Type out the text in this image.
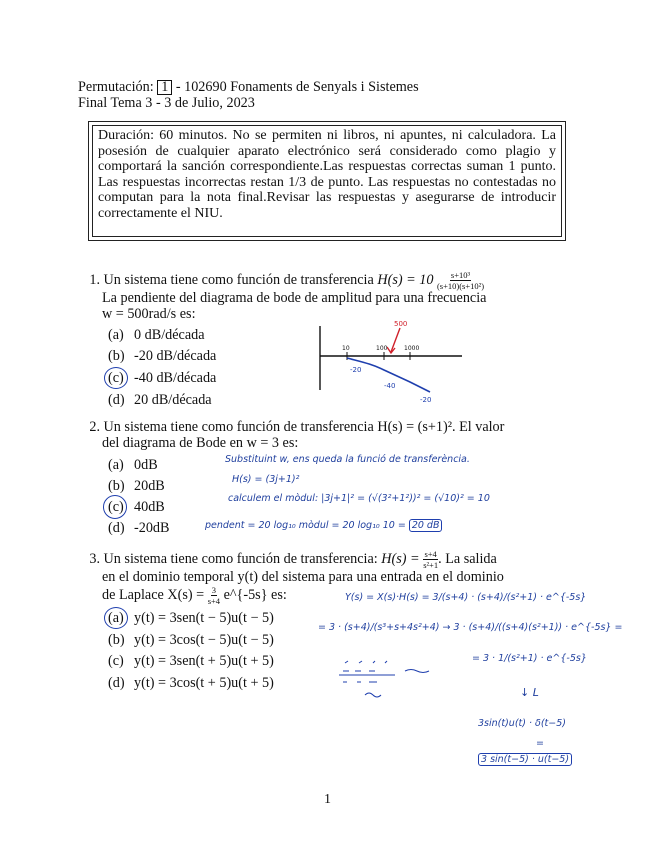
Permutación: 1 - 102690 Fonaments de Senyals i Sistemes
Final Tema 3 - 3 de Julio, 2023
Duración: 60 minutos. No se permiten ni libros, ni apuntes, ni calculadora. La posesión de cualquier aparato electrónico será considerado como plagio y comportará la sanción correspondiente.Las respuestas correctas suman 1 punto. Las respuestas incorrectas restan 1/3 de punto. Las respuestas no contestadas no computan para la nota final.Revisar las respuestas y asegurarse de introducir correctamente el NIU.
1. Un sistema tiene como función de transferencia $H(s) = 10 \frac{\text{s+10³}}{\text{(s+10)(s+10²)}}$
La pendiente del diagrama de bode de amplitud para una frecuencia
w = 500rad/s es:
(a) 0 dB/década
(b) -20 dB/década
(c) -40 dB/década
(d) 20 dB/década
500
10	100	1000
-20
-40
-20
2. Un sistema tiene como función de transferencia H(s) = (s+1)². El valor
del diagrama de Bode en w = 3 es:
(a) 0dB
(b) 20dB
(c) 40dB
(d) -20dB
Substituint w, ens queda la funció de transferència.
H(s) = (3j+1)²
calculem el mòdul: |3j+1|² = (√(3²+1²))² = (√10)² = 10
pendent = 20 log₁₀ mòdul = 20 log₁₀ 10 = 20 dB
3. Un sistema tiene como función de transferencia: $H(s) = \frac{s+4}{\text{s²+1}}$ . La salida
en el dominio temporal y(t) del sistema para una entrada en el dominio
de Laplace $X(s) = \frac{3}{s+4}$ e^{-5s} es:
(a) y(t) = 3sen(t − 5)u(t − 5)
(b) y(t) = 3cos(t − 5)u(t − 5)
(c) y(t) = 3sen(t + 5)u(t + 5)
(d) y(t) = 3cos(t + 5)u(t + 5)
Y(s) = X(s)·H(s) = 3/(s+4) · (s+4)/(s²+1) · e^{-5s}
= 3 · (s+4)/(s³+s+4s²+4) → 3 · (s+4)/((s+4)(s²+1)) · e^{-5s} =
= 3 · 1/(s²+1) · e^{-5s}
↓ L
3sin(t)u(t) · δ(t−5)
=
3 sin(t−5) · u(t−5)
1
